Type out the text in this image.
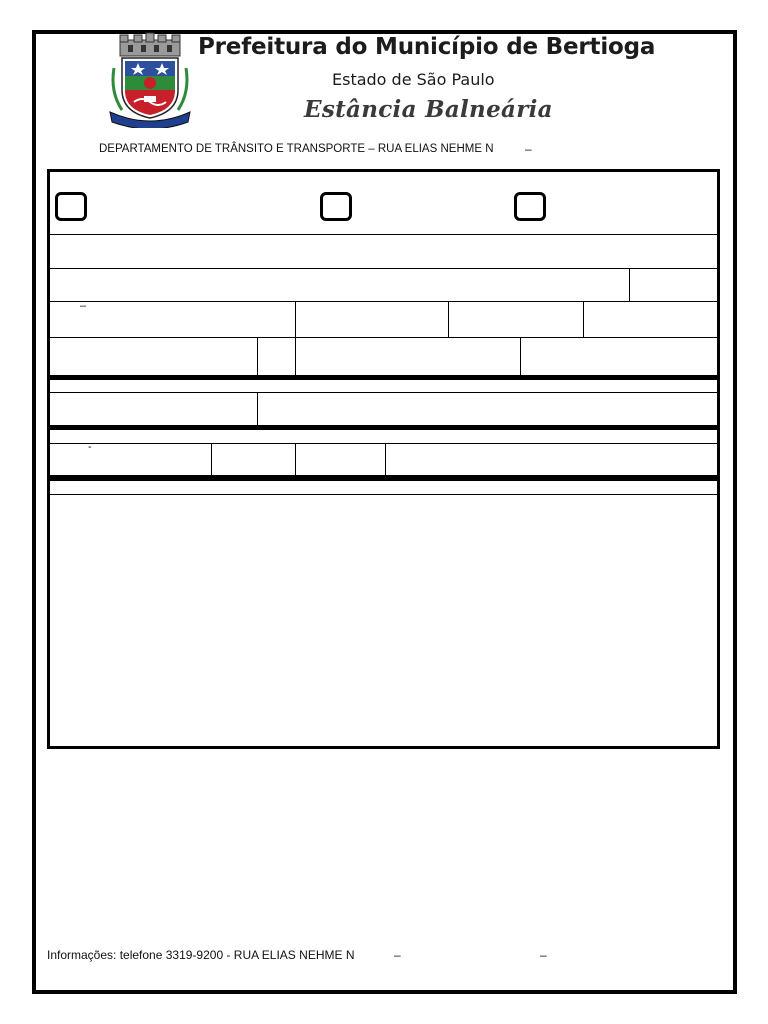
Prefeitura do Município de Bertioga
Estado de São Paulo
Estância Balneária
DEPARTAMENTO DE TRÂNSITO E TRANSPORTE – RUA ELIAS NEHME N	–
–
-
Informações: telefone 3319-9200 - RUA ELIAS NEHME N	–	–
